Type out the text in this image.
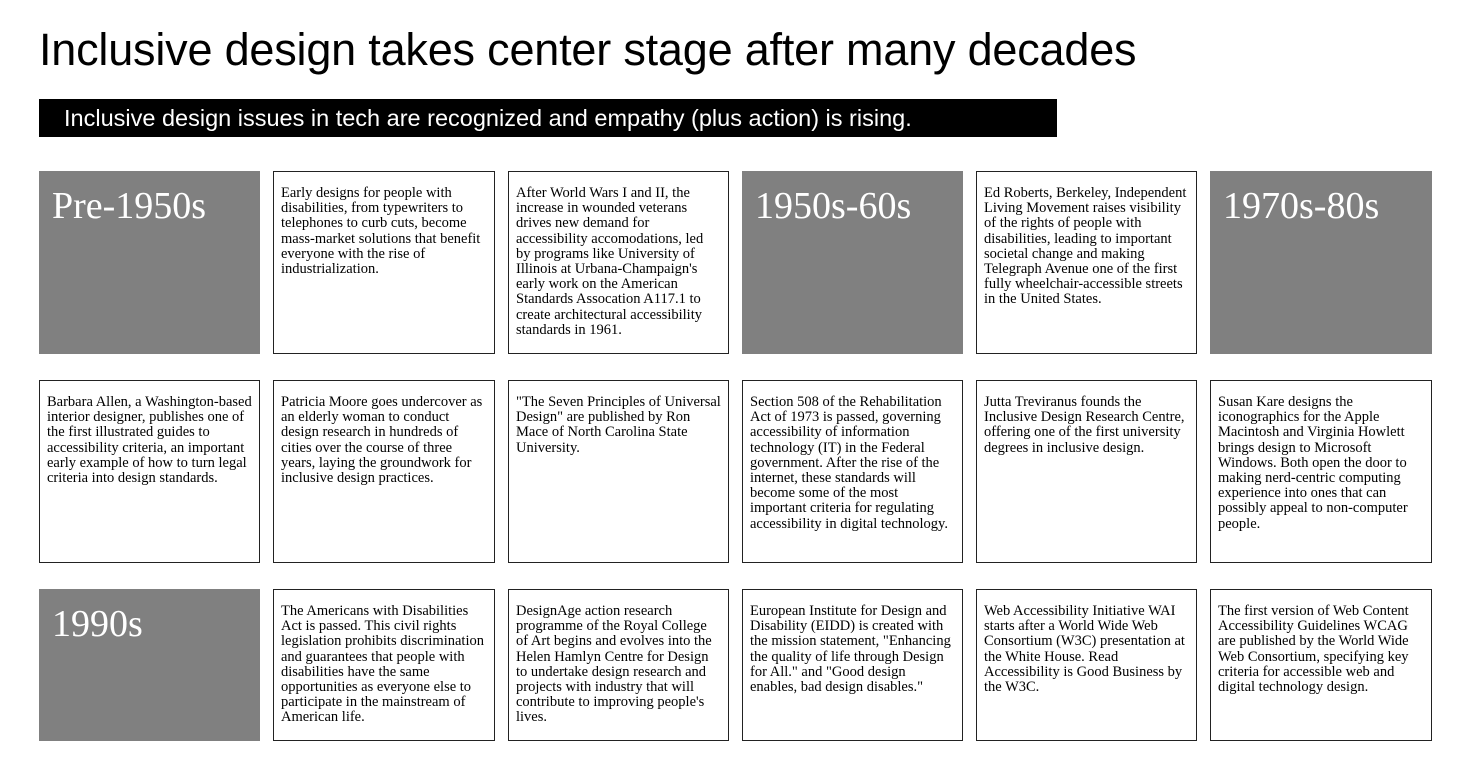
Inclusive design takes center stage after many decades
Inclusive design issues in tech are recognized and empathy (plus action) is rising.
Pre-1950s	Early designs for people with disabilities, from typewriters to telephones to curb cuts, become mass-market solutions that benefit everyone with the rise of industrialization.
After World Wars I and II, the increase in wounded veterans drives new demand for accessibility accomodations, led by programs like University of Illinois at Urbana-Champaign's early work on the American Standards Assocation A117.1 to create architectural accessibility standards in 1961.
1950s-60s	Ed Roberts, Berkeley, Independent Living Movement raises visibility of the rights of people with disabilities, leading to important societal change and making Telegraph Avenue one of the first fully wheelchair-accessible streets in the United States.
1970s-80s
Barbara Allen, a Washington-based interior designer, publishes one of the first illustrated guides to accessibility criteria, an important early example of how to turn legal criteria into design standards.
Patricia Moore goes undercover as an elderly woman to conduct design research in hundreds of cities over the course of three years, laying the groundwork for inclusive design practices.
"The Seven Principles of Universal Design" are published by Ron Mace of North Carolina State University.
Section 508 of the Rehabilitation Act of 1973 is passed, governing accessibility of information technology (IT) in the Federal government. After the rise of the internet, these standards will become some of the most important criteria for regulating accessibility in digital technology.
Jutta Treviranus founds the Inclusive Design Research Centre, offering one of the first university degrees in inclusive design.
Susan Kare designs the iconographics for the Apple Macintosh and Virginia Howlett brings design to Microsoft Windows. Both open the door to making nerd-centric computing experience into ones that can possibly appeal to non-computer people.
1990s	The Americans with Disabilities Act is passed. This civil rights legislation prohibits discrimination and guarantees that people with disabilities have the same opportunities as everyone else to participate in the mainstream of American life.
DesignAge action research programme of the Royal College of Art begins and evolves into the Helen Hamlyn Centre for Design to undertake design research and projects with industry that will contribute to improving people's lives.
European Institute for Design and Disability (EIDD) is created with the mission statement, "Enhancing the quality of life through Design for All." and "Good design enables, bad design disables."
Web Accessibility Initiative WAI starts after a World Wide Web Consortium (W3C) presentation at the White House. Read Accessibility is Good Business by the W3C.
The first version of Web Content Accessibility Guidelines WCAG are published by the World Wide Web Consortium, specifying key criteria for accessible web and digital technology design.
